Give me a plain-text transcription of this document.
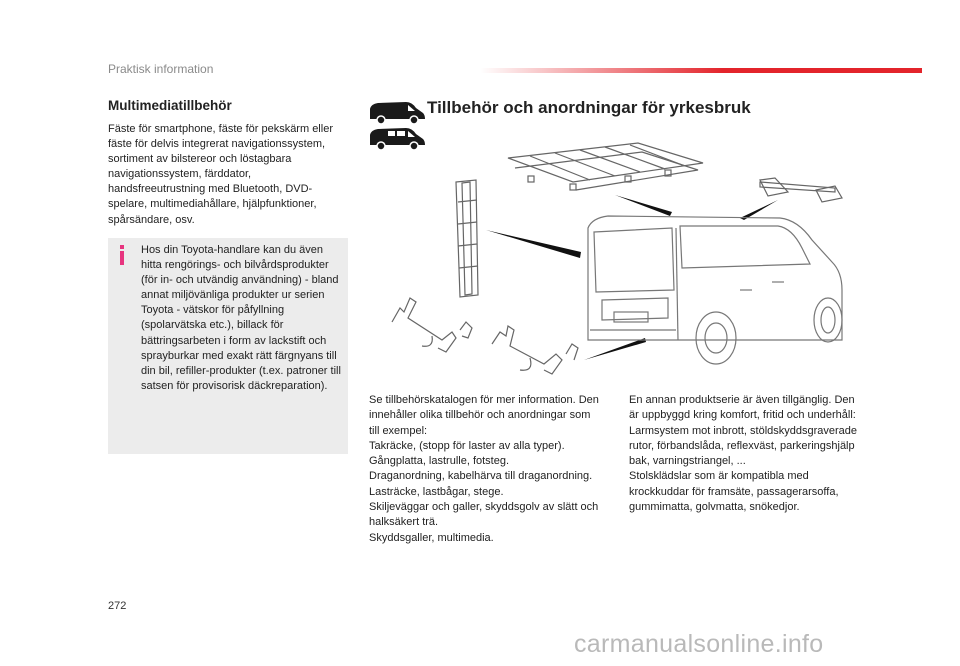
Praktisk information
Multimediatillbehör
Fäste för smartphone, fäste för pekskärm eller fäste för delvis integrerat navigationssystem, sortiment av bilstereor och löstagbara navigationssystem, färddator, handsfreeutrustning med Bluetooth, DVD-spelare, multimediahållare, hjälpfunktioner, spårsändare, osv.
Hos din Toyota-handlare kan du även hitta rengörings- och bilvårdsprodukter (för in- och utvändig användning) - bland annat miljövänliga produkter ur serien Toyota - vätskor för påfyllning (spolarvätska etc.), billack för bättringsarbeten i form av lackstift och sprayburkar med exakt rätt färgnyans till din bil, refiller-produkter (t.ex. patroner till satsen för provisorisk däckreparation).
Tillbehör och anordningar för yrkesbruk
Se tillbehörskatalogen för mer information. Den
innehåller olika tillbehör och anordningar som
till exempel:
Takräcke, (stopp för laster av alla typer).
Gångplatta, lastrulle, fotsteg.
Draganordning, kabelhärva till draganordning.
Lasträcke, lastbågar, stege.
Skiljeväggar och galler, skyddsgolv av slätt och
halksäkert trä.
Skyddsgaller, multimedia.
En annan produktserie är även tillgänglig. Den
är uppbyggd kring komfort, fritid och underhåll:
Larmsystem mot inbrott, stöldskyddsgraverade
rutor, förbandslåda, reflexväst, parkeringshjälp
bak, varningstriangel, ...
Stolsklädslar som är kompatibla med
krockkuddar för framsäte, passagerarsoffa,
gummimatta, golvmatta, snökedjor.
272
carmanualsonline.info
